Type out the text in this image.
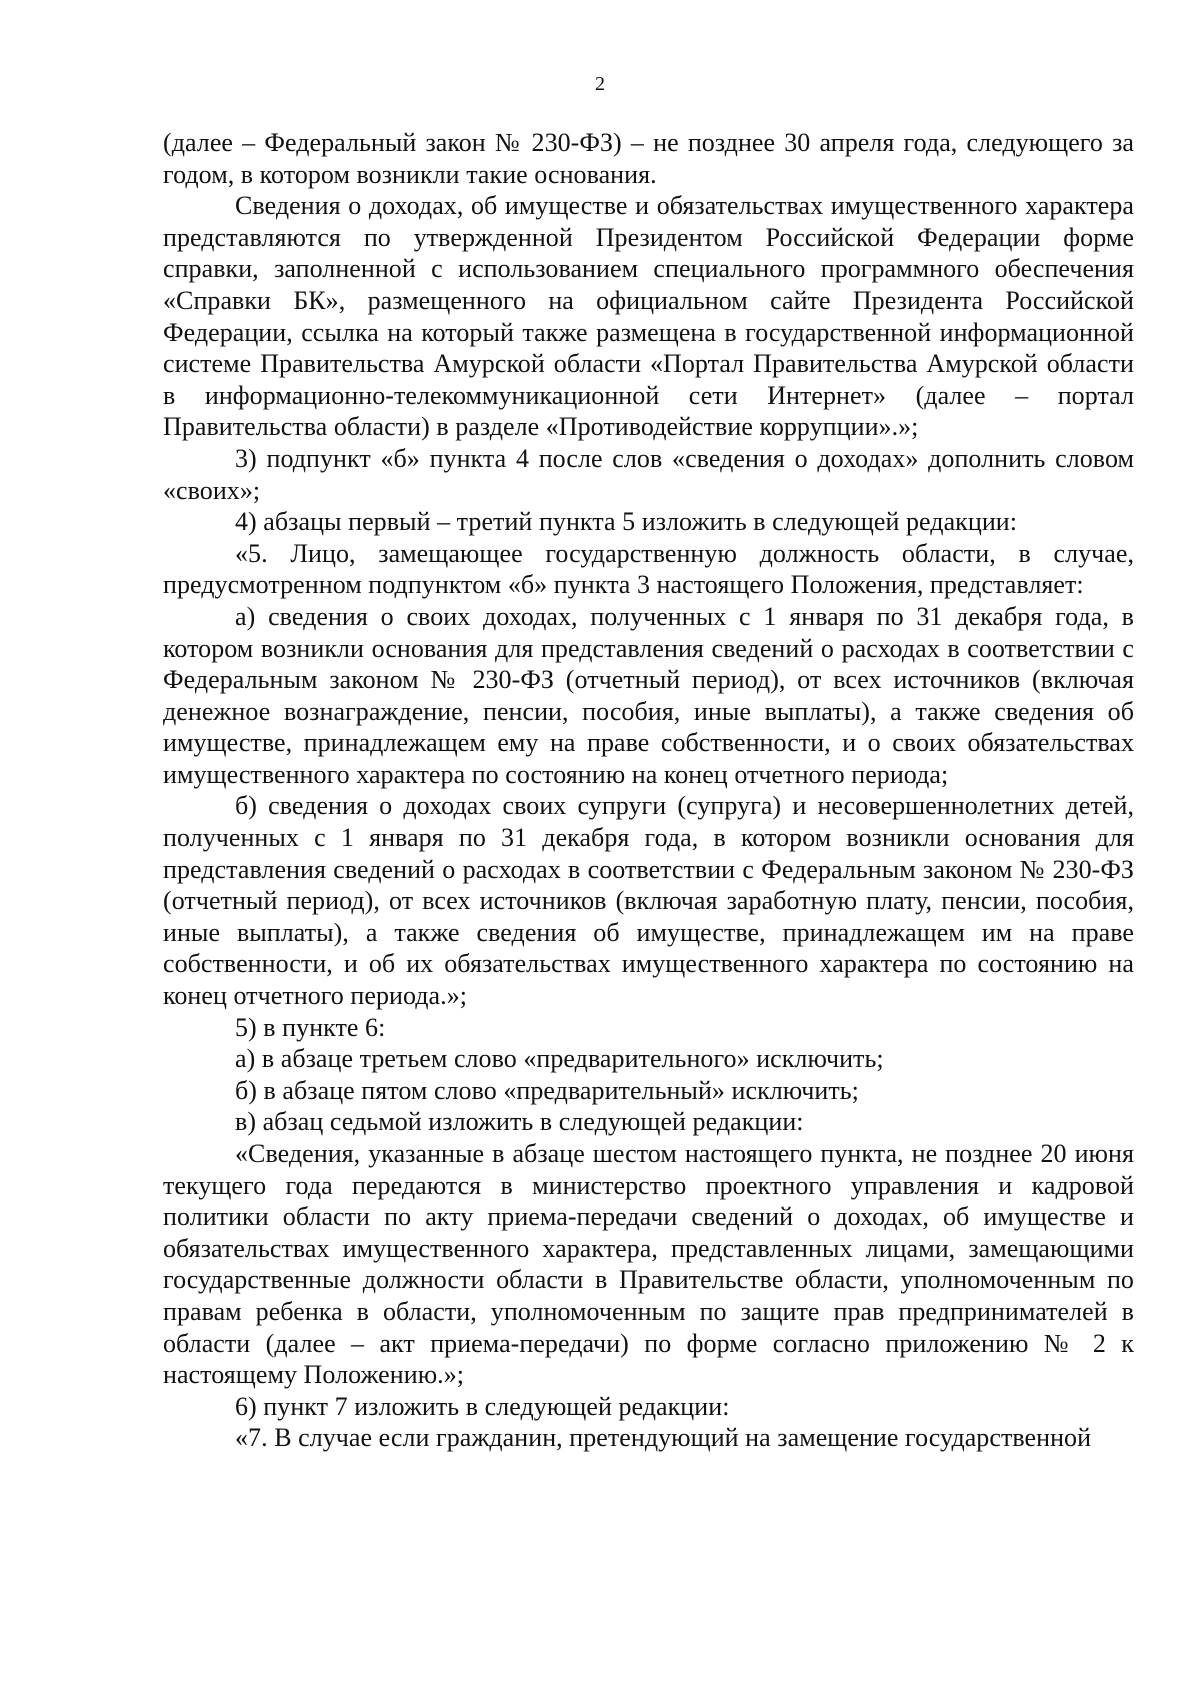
2

(далее – Федеральный закон № 230-ФЗ) – не позднее 30 апреля года, следующего за годом, в котором возникли такие основания.

Сведения о доходах, об имуществе и обязательствах имущественного характера представляются по утвержденной Президентом Российской Федерации форме справки, заполненной с использованием специального программного обеспечения «Справки БК», размещенного на официальном сайте Президента Российской Федерации, ссылка на который также размещена в государственной информационной системе Правительства Амурской области «Портал Правительства Амурской области в информационно-телекоммуникационной сети Интернет» (далее – портал Правительства области) в разделе «Противодействие коррупции».»;

3) подпункт «б» пункта 4 после слов «сведения о доходах» дополнить словом «своих»;

4) абзацы первый – третий пункта 5 изложить в следующей редакции:

«5. Лицо, замещающее государственную должность области, в случае, предусмотренном подпунктом «б» пункта 3 настоящего Положения, представляет:

а) сведения о своих доходах, полученных с 1 января по 31 декабря года, в котором возникли основания для представления сведений о расходах в соответствии с Федеральным законом № 230-ФЗ (отчетный период), от всех источников (включая денежное вознаграждение, пенсии, пособия, иные выплаты), а также сведения об имуществе, принадлежащем ему на праве собственности, и о своих обязательствах имущественного характера по состоянию на конец отчетного периода;

б) сведения о доходах своих супруги (супруга) и несовершеннолетних детей, полученных с 1 января по 31 декабря года, в котором возникли основания для представления сведений о расходах в соответствии с Федеральным законом № 230-ФЗ (отчетный период), от всех источников (включая заработную плату, пенсии, пособия, иные выплаты), а также сведения об имуществе, принадлежащем им на праве собственности, и об их обязательствах имущественного характера по состоянию на конец отчетного периода.»;

5) в пункте 6:

а) в абзаце третьем слово «предварительного» исключить;

б) в абзаце пятом слово «предварительный» исключить;

в) абзац седьмой изложить в следующей редакции:

«Сведения, указанные в абзаце шестом настоящего пункта, не позднее 20 июня текущего года передаются в министерство проектного управления и кадровой политики области по акту приема-передачи сведений о доходах, об имуществе и обязательствах имущественного характера, представленных лицами, замещающими государственные должности области в Правительстве области, уполномоченным по правам ребенка в области, уполномоченным по защите прав предпринимателей в области (далее – акт приема-передачи) по форме согласно приложению № 2 к настоящему Положению.»;

6) пункт 7 изложить в следующей редакции:

«7. В случае если гражданин, претендующий на замещение государственной
